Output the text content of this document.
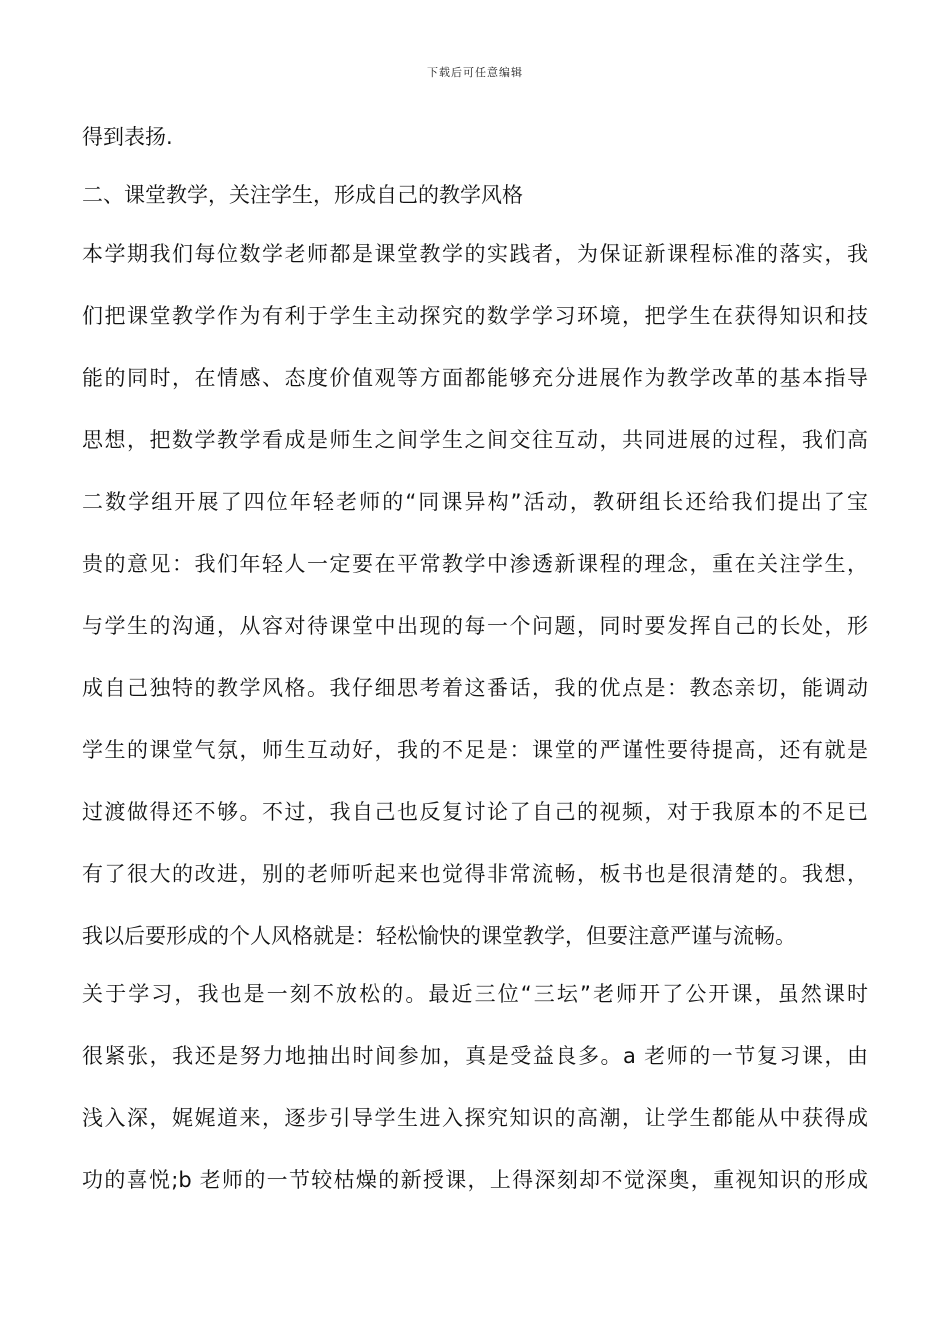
下载后可任意编辑
得到表扬.
二、课堂教学，关注学生，形成自己的教学风格
本学期我们每位数学老师都是课堂教学的实践者，为保证新课程标准的落实，我
们把课堂教学作为有利于学生主动探究的数学学习环境，把学生在获得知识和技
能的同时，在情感、态度价值观等方面都能够充分进展作为教学改革的基本指导
思想，把数学教学看成是师生之间学生之间交往互动，共同进展的过程，我们高
二数学组开展了四位年轻老师的“同课异构”活动，教研组长还给我们提出了宝
贵的意见：我们年轻人一定要在平常教学中渗透新课程的理念，重在关注学生，
与学生的沟通，从容对待课堂中出现的每一个问题，同时要发挥自己的长处，形
成自己独特的教学风格。我仔细思考着这番话，我的优点是：教态亲切，能调动
学生的课堂气氛，师生互动好，我的不足是：课堂的严谨性要待提高，还有就是
过渡做得还不够。不过，我自己也反复讨论了自己的视频，对于我原本的不足已
有了很大的改进，别的老师听起来也觉得非常流畅，板书也是很清楚的。我想，
我以后要形成的个人风格就是：轻松愉快的课堂教学，但要注意严谨与流畅。
关于学习，我也是一刻不放松的。最近三位“三坛”老师开了公开课，虽然课时
很紧张，我还是努力地抽出时间参加，真是受益良多。a 老师的一节复习课，由
浅入深，娓娓道来，逐步引导学生进入探究知识的高潮，让学生都能从中获得成
功的喜悦;b 老师的一节较枯燥的新授课，上得深刻却不觉深奥，重视知识的形成
